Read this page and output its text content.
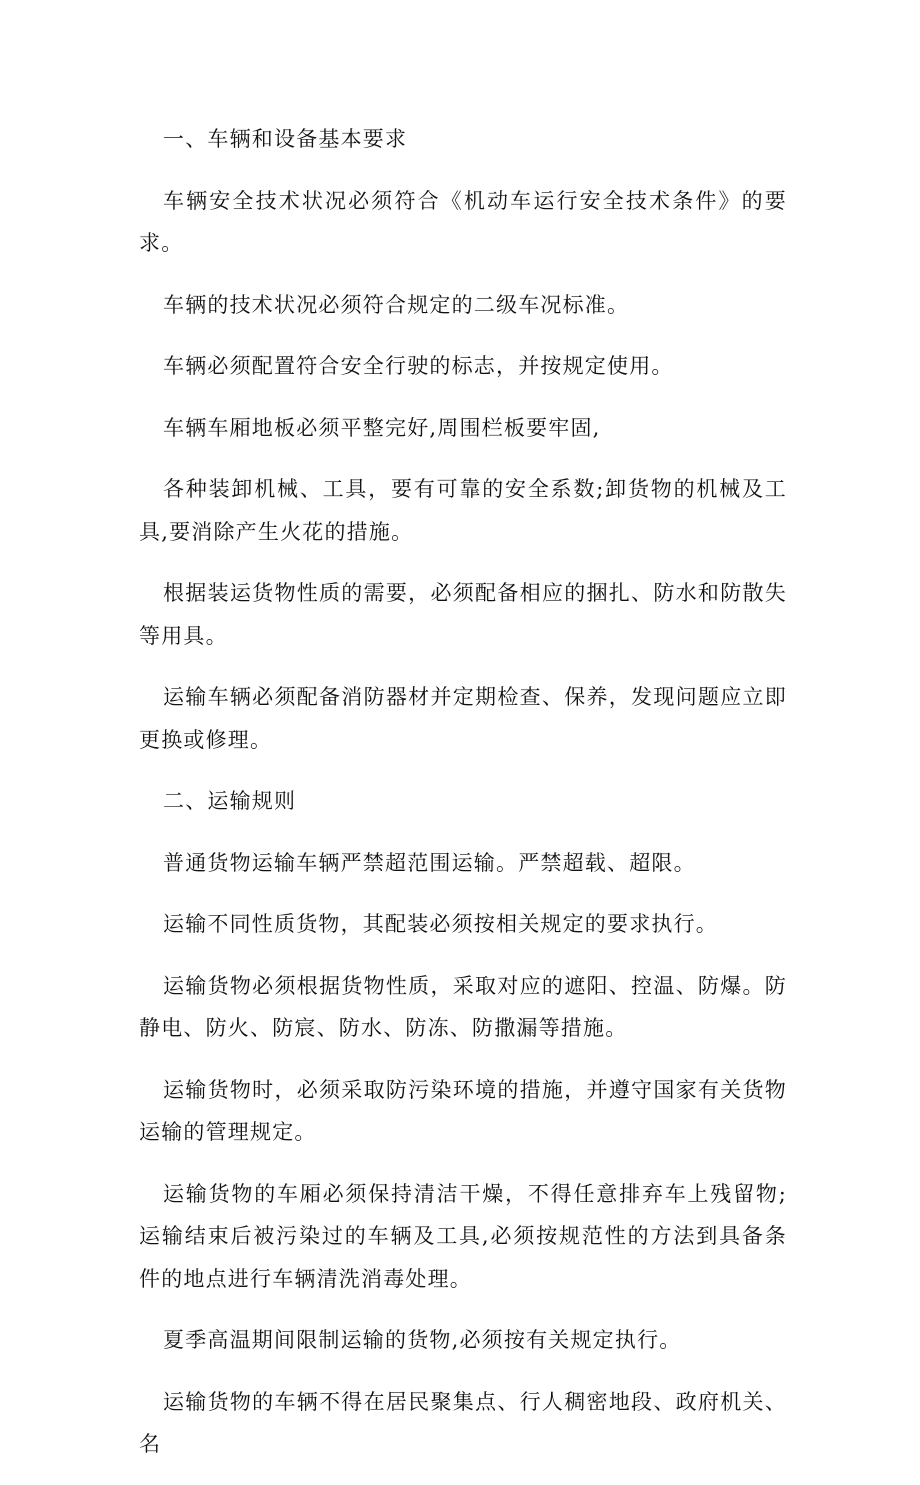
一、车辆和设备基本要求

车辆安全技术状况必须符合《机动车运行安全技术条件》的要求。

车辆的技术状况必须符合规定的二级车况标准。

车辆必须配置符合安全行驶的标志，并按规定使用。

车辆车厢地板必须平整完好,周围栏板要牢固,

各种装卸机械、工具，要有可靠的安全系数;卸货物的机械及工具,要消除产生火花的措施。

根据装运货物性质的需要，必须配备相应的捆扎、防水和防散失等用具。

运输车辆必须配备消防器材并定期检查、保养，发现问题应立即更换或修理。

二、运输规则

普通货物运输车辆严禁超范围运输。严禁超载、超限。

运输不同性质货物，其配装必须按相关规定的要求执行。

运输货物必须根据货物性质，采取对应的遮阳、控温、防爆。防静电、防火、防宸、防水、防冻、防撒漏等措施。

运输货物时，必须采取防污染环境的措施，并遵守国家有关货物运输的管理规定。

运输货物的车厢必须保持清洁干燥，不得任意排弃车上残留物;运输结束后被污染过的车辆及工具,必须按规范性的方法到具备条件的地点进行车辆清洗消毒处理。

夏季高温期间限制运输的货物,必须按有关规定执行。

运输货物的车辆不得在居民聚集点、行人稠密地段、政府机关、名
